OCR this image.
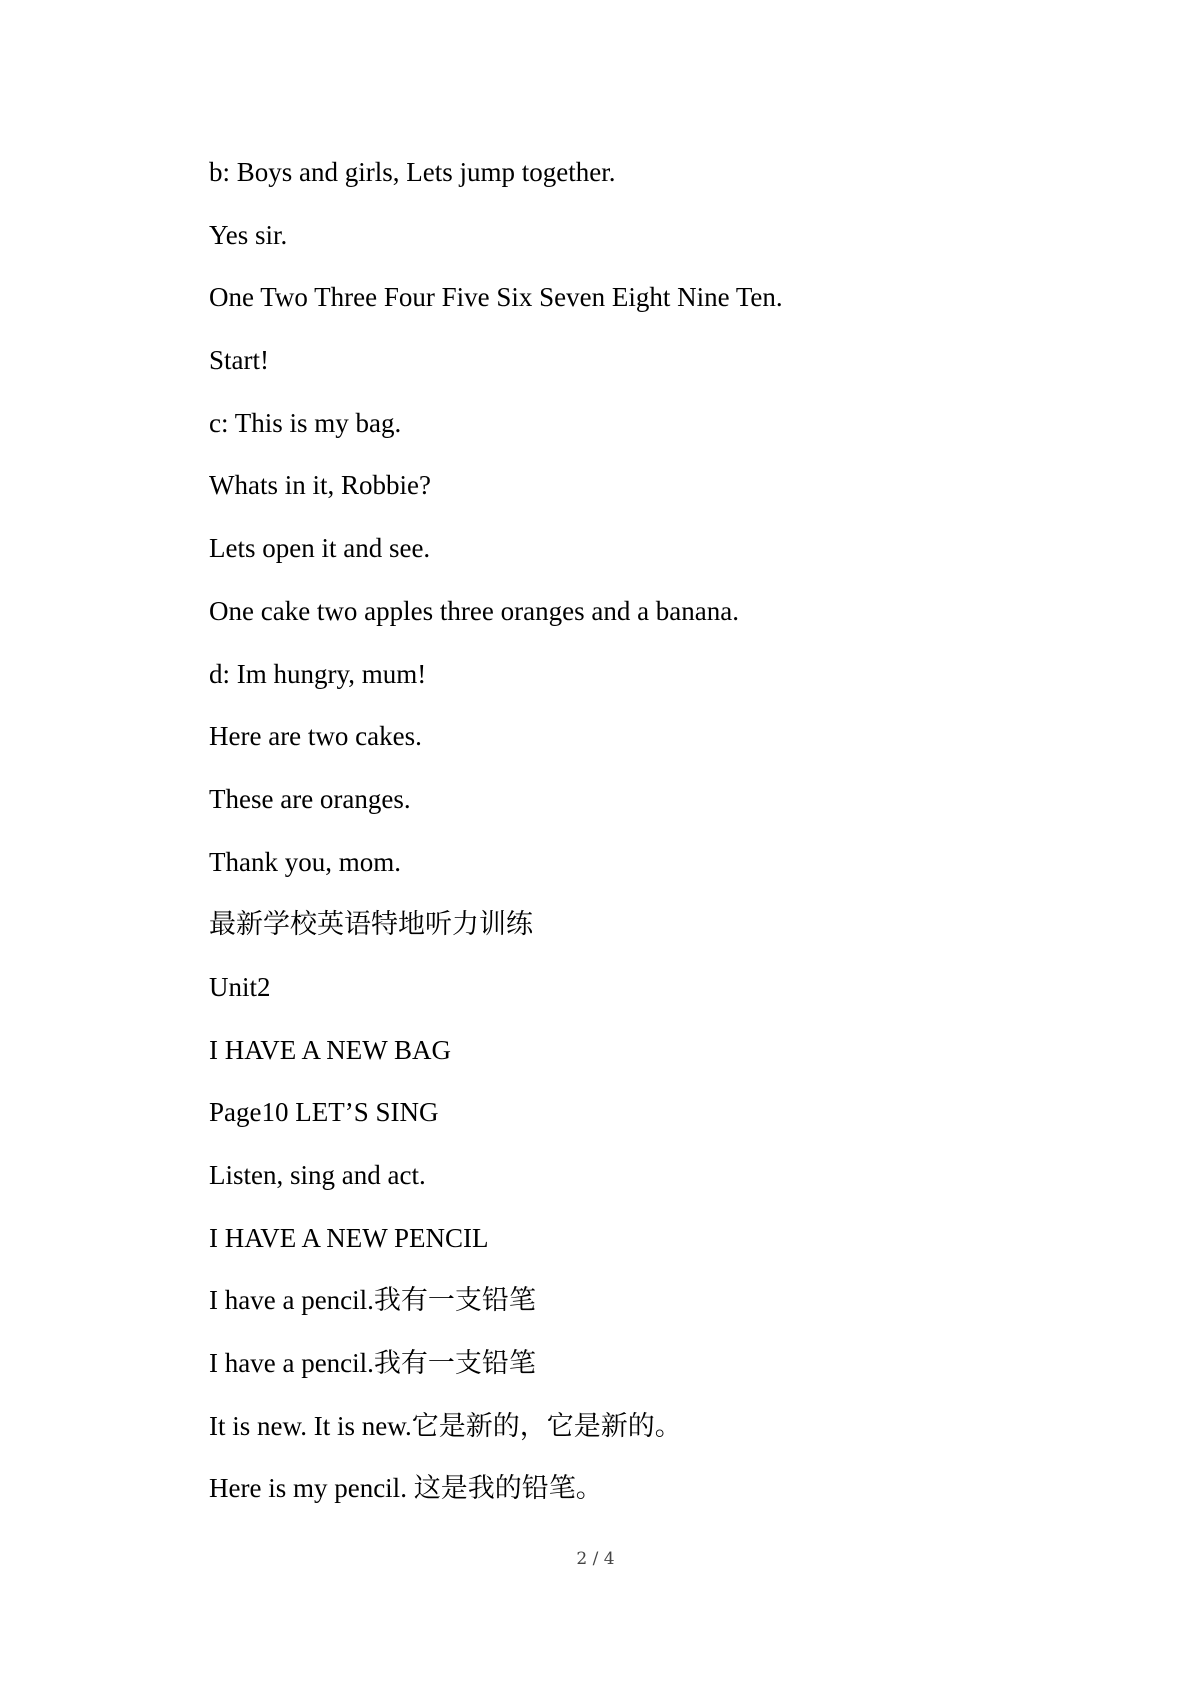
b: Boys and girls, Lets jump together.
Yes sir.
One Two Three Four Five Six Seven Eight Nine Ten.
Start!
c: This is my bag.
Whats in it, Robbie?
Lets open it and see.
One cake two apples three oranges and a banana.
d: Im hungry, mum!
Here are two cakes.
These are oranges.
Thank you, mom.
最新学校英语特地听力训练
Unit2
I HAVE A NEW BAG
Page10 LET’S SING
Listen, sing and act.
I HAVE A NEW PENCIL
I have a pencil.我有一支铅笔
I have a pencil.我有一支铅笔
It is new. It is new.它是新的，它是新的。
Here is my pencil. 这是我的铅笔。
2 / 4
